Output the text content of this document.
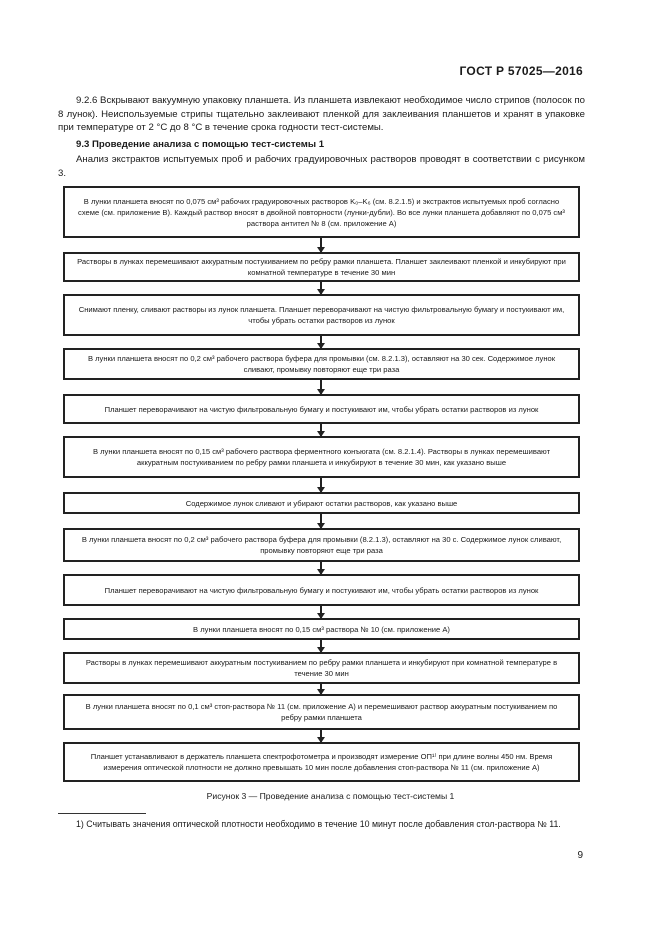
ГОСТ Р 57025—2016
9.2.6 Вскрывают вакуумную упаковку планшета. Из планшета извлекают необходимое число стрипов (полосок по 8 лунок). Неиспользуемые стрипы тщательно заклеивают пленкой для заклеивания планшетов и хранят в упаковке при температуре от 2 °С до 8 °С в течение срока годности тест-системы.
9.3 Проведение анализа с помощью тест-системы 1
Анализ экстрактов испытуемых проб и рабочих градуировочных растворов проводят в соответствии с рисунком 3.
В лунки планшета вносят по 0,075 см³ рабочих градуировочных растворов K₀–K₆ (см. 8.2.1.5) и экстрактов испытуемых проб согласно схеме (см. приложение В). Каждый раствор вносят в двойной повторности (лунки-дубли). Во все лунки планшета добавляют по 0,075 см³ раствора антител № 8 (см. приложение А)
Растворы в лунках перемешивают аккуратным постукиванием по ребру рамки планшета. Планшет заклеивают пленкой и инкубируют при комнатной температуре в течение 30 мин
Снимают пленку, сливают растворы из лунок планшета. Планшет переворачивают на чистую фильтровальную бумагу и постукивают им, чтобы убрать остатки растворов из лунок
В лунки планшета вносят по 0,2 см³ рабочего раствора буфера для промывки (см. 8.2.1.3), оставляют на 30 сек. Содержимое лунок сливают, промывку повторяют еще три раза
Планшет переворачивают на чистую фильтровальную бумагу и постукивают им, чтобы убрать остатки растворов из лунок
В лунки планшета вносят по 0,15 см³ рабочего раствора ферментного конъюгата (см. 8.2.1.4). Растворы в лунках перемешивают аккуратным постукиванием по ребру рамки планшета и инкубируют в течение 30 мин, как указано выше
Содержимое лунок сливают и убирают остатки растворов, как указано выше
В лунки планшета вносят по 0,2 см³ рабочего раствора буфера для промывки (8.2.1.3), оставляют на 30 с. Содержимое лунок сливают, промывку повторяют еще три раза
Планшет переворачивают на чистую фильтровальную бумагу и постукивают им, чтобы убрать остатки растворов из лунок
В лунки планшета вносят по 0,15 см³ раствора № 10 (см. приложение А)
Растворы в лунках перемешивают аккуратным постукиванием по ребру рамки планшета и инкубируют при комнатной температуре в течение 30 мин
В лунки планшета вносят по 0,1 см³ стоп-раствора № 11 (см. приложение А) и перемешивают раствор аккуратным постукиванием по ребру рамки планшета
Планшет устанавливают в держатель планшета спектрофотометра и производят измерение ОП¹⁾ при длине волны 450 нм. Время измерения оптической плотности не должно превышать 10 мин после добавления стоп-раствора № 11 (см. приложение А)
Рисунок 3 — Проведение анализа с помощью тест-системы 1
1) Считывать значения оптической плотности необходимо в течение 10 минут после добавления стол-раствора № 11.
9
